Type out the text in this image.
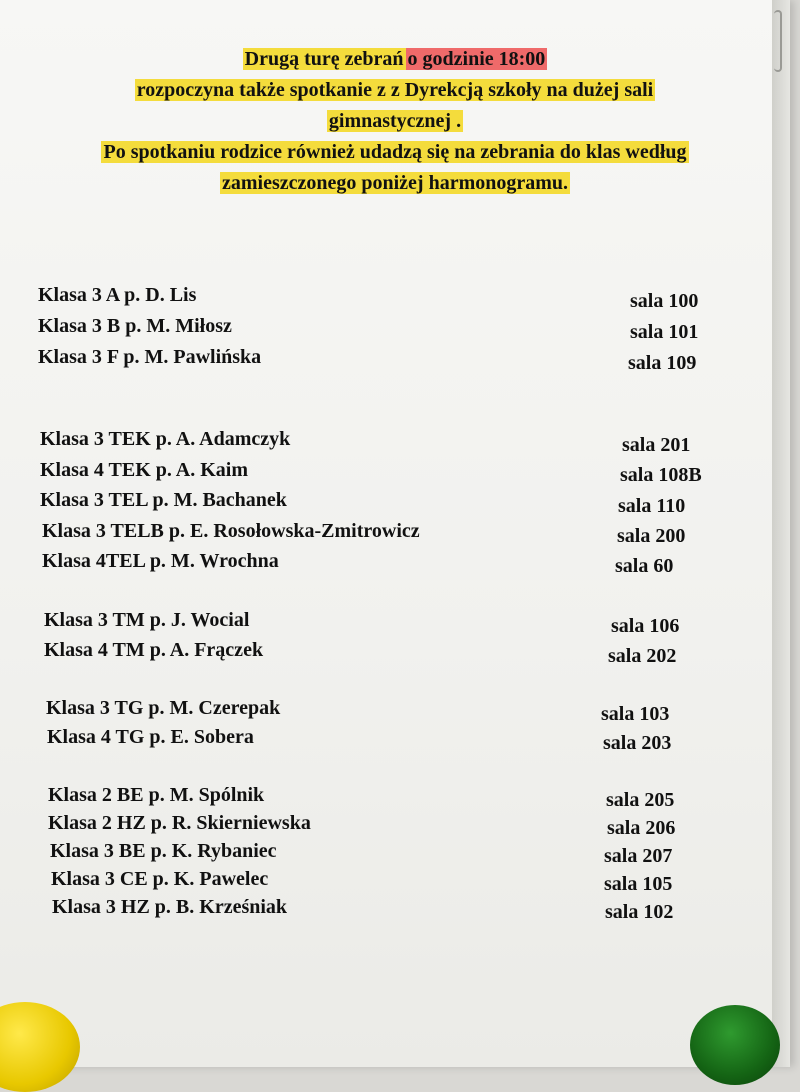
Drugą turę zebrań o godzinie 18:00
rozpoczyna także spotkanie z z Dyrekcją szkoły na dużej sali
gimnastycznej .
Po spotkaniu rodzice również udadzą się na zebrania do klas według
zamieszczonego poniżej harmonogramu.
Klasa 3 A p. D. Lis	sala 100
Klasa 3 B p. M. Miłosz	sala 101
Klasa 3 F p. M. Pawlińska	sala 109
Klasa 3 TEK p. A. Adamczyk	sala 201
Klasa 4 TEK p. A. Kaim	sala 108B
Klasa 3 TEL p. M. Bachanek	sala 110
Klasa 3 TELB p. E. Rosołowska-Zmitrowicz	sala 200
Klasa 4TEL p. M. Wrochna	sala 60
Klasa 3 TM p. J. Wocial	sala 106
Klasa 4 TM p. A. Frączek	sala 202
Klasa 3 TG p. M. Czerepak	sala 103
Klasa 4 TG p. E. Sobera	sala 203
Klasa 2 BE p. M. Spólnik	sala 205
Klasa 2 HZ p. R. Skierniewska	sala 206
Klasa 3 BE p. K. Rybaniec	sala 207
Klasa 3 CE p. K. Pawelec	sala 105
Klasa 3 HZ p. B. Krześniak	sala 102
